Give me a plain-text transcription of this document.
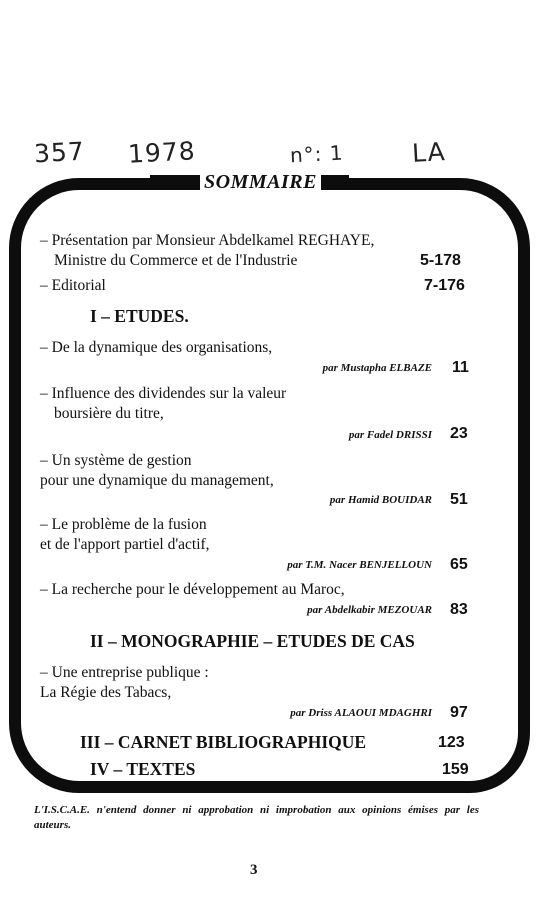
357 1978	n°: 1	LA
SOMMAIRE
– Présentation par Monsieur Abdelkamel REGHAYE,
Ministre du Commerce et de l'Industrie	5-178
– Editorial	7-176
I – ETUDES.
– De la dynamique des organisations,
par Mustapha ELBAZE 11
– Influence des dividendes sur la valeur
boursière du titre,
par Fadel DRISSI 23
– Un système de gestion
pour une dynamique du management,
par Hamid BOUIDAR 51
– Le problème de la fusion
et de l'apport partiel d'actif,
par T.M. Nacer BENJELLOUN 65
– La recherche pour le développement au Maroc,
par Abdelkabir MEZOUAR 83
II – MONOGRAPHIE – ETUDES DE CAS
– Une entreprise publique :
La Régie des Tabacs,
par Driss ALAOUI MDAGHRI 97
III – CARNET BIBLIOGRAPHIQUE	123
IV – TEXTES	159
L'I.S.C.A.E. n'entend donner ni approbation ni improbation aux opinions émises par les auteurs.
3
